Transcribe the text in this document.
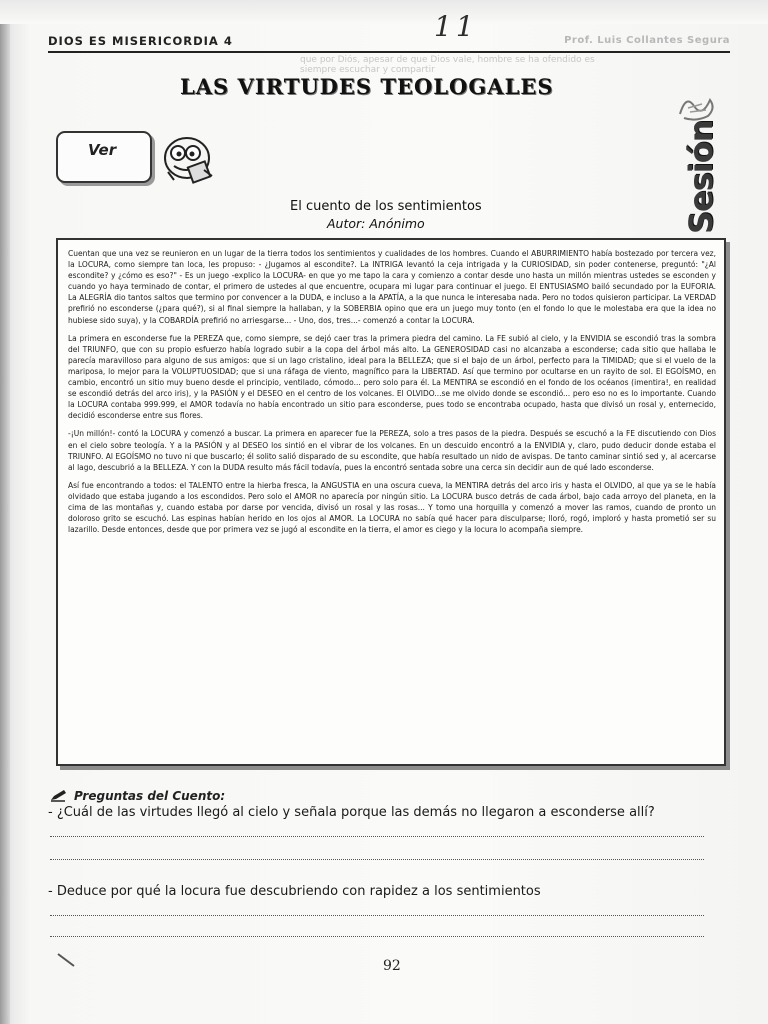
11
DIOS ES MISERICORDIA 4	Prof. Luis Collantes Segura
que por Diós, apesar de que Dios vale, hombre se ha ofendido es siempre escuchar y compartir
LAS VIRTUDES TEOLOGALES
Ver	Sesión
El cuento de los sentimientos
Autor: Anónimo

Cuentan que una vez se reunieron en un lugar de la tierra todos los sentimientos y cualidades de los hombres. Cuando el ABURRIMIENTO había bostezado por tercera vez, la LOCURA, como siempre tan loca, les propuso: - ¿Jugamos al escondite?. La INTRIGA levantó la ceja intrigada y la CURIOSIDAD, sin poder contenerse, preguntó: "¿Al escondite? y ¿cómo es eso?" - Es un juego -explico la LOCURA- en que yo me tapo la cara y comienzo a contar desde uno hasta un millón mientras ustedes se esconden y cuando yo haya terminado de contar, el primero de ustedes al que encuentre, ocupara mi lugar para continuar el juego. El ENTUSIASMO bailó secundado por la EUFORIA. La ALEGRÍA dio tantos saltos que termino por convencer a la DUDA, e incluso a la APATÍA, a la que nunca le interesaba nada. Pero no todos quisieron participar. La VERDAD prefirió no esconderse (¿para qué?), si al final siempre la hallaban, y la SOBERBIA opino que era un juego muy tonto (en el fondo lo que le molestaba era que la idea no hubiese sido suya), y la COBARDÍA prefirió no arriesgarse... - Uno, dos, tres...- comenzó a contar la LOCURA.

La primera en esconderse fue la PEREZA que, como siempre, se dejó caer tras la primera piedra del camino. La FE subió al cielo, y la ENVIDIA se escondió tras la sombra del TRIUNFO, que con su propio esfuerzo había logrado subir a la copa del árbol más alto. La GENEROSIDAD casi no alcanzaba a esconderse; cada sitio que hallaba le parecía maravilloso para alguno de sus amigos: que si un lago cristalino, ideal para la BELLEZA; que si el bajo de un árbol, perfecto para la TIMIDAD; que si el vuelo de la mariposa, lo mejor para la VOLUPTUOSIDAD; que si una ráfaga de viento, magnífico para la LIBERTAD. Así que termino por ocultarse en un rayito de sol. El EGOÍSMO, en cambio, encontró un sitio muy bueno desde el principio, ventilado, cómodo... pero solo para él. La MENTIRA se escondió en el fondo de los océanos (imentira!, en realidad se escondió detrás del arco iris), y la PASIÓN y el DESEO en el centro de los volcanes. El OLVIDO...se me olvido donde se escondió... pero eso no es lo importante. Cuando la LOCURA contaba 999.999, el AMOR todavía no había encontrado un sitio para esconderse, pues todo se encontraba ocupado, hasta que divisó un rosal y, enternecido, decidió esconderse entre sus flores.

-¡Un millón!- contó la LOCURA y comenzó a buscar. La primera en aparecer fue la PEREZA, solo a tres pasos de la piedra. Después se escuchó a la FE discutiendo con Dios en el cielo sobre teología. Y a la PASIÓN y al DESEO los sintió en el vibrar de los volcanes. En un descuido encontró a la ENVIDIA y, claro, pudo deducir donde estaba el TRIUNFO. Al EGOÍSMO no tuvo ni que buscarlo; él solito salió disparado de su escondite, que había resultado un nido de avispas. De tanto caminar sintió sed y, al acercarse al lago, descubrió a la BELLEZA. Y con la DUDA resulto más fácil todavía, pues la encontró sentada sobre una cerca sin decidir aun de qué lado esconderse.

Así fue encontrando a todos: el TALENTO entre la hierba fresca, la ANGUSTIA en una oscura cueva, la MENTIRA detrás del arco iris y hasta el OLVIDO, al que ya se le había olvidado que estaba jugando a los escondidos. Pero solo el AMOR no aparecía por ningún sitio. La LOCURA busco detrás de cada árbol, bajo cada arroyo del planeta, en la cima de las montañas y, cuando estaba por darse por vencida, divisó un rosal y las rosas... Y tomo una horquilla y comenzó a mover las ramos, cuando de pronto un doloroso grito se escuchó. Las espinas habían herido en los ojos al AMOR. La LOCURA no sabía qué hacer para disculparse; lloró, rogó, imploró y hasta prometió ser su lazarillo. Desde entonces, desde que por primera vez se jugó al escondite en la tierra, el amor es ciego y la locura lo acompaña siempre.

Preguntas del Cuento:
- ¿Cuál de las virtudes llegó al cielo y señala porque las demás no llegaron a esconderse allí?
- Deduce por qué la locura fue descubriendo con rapidez a los sentimientos
92
